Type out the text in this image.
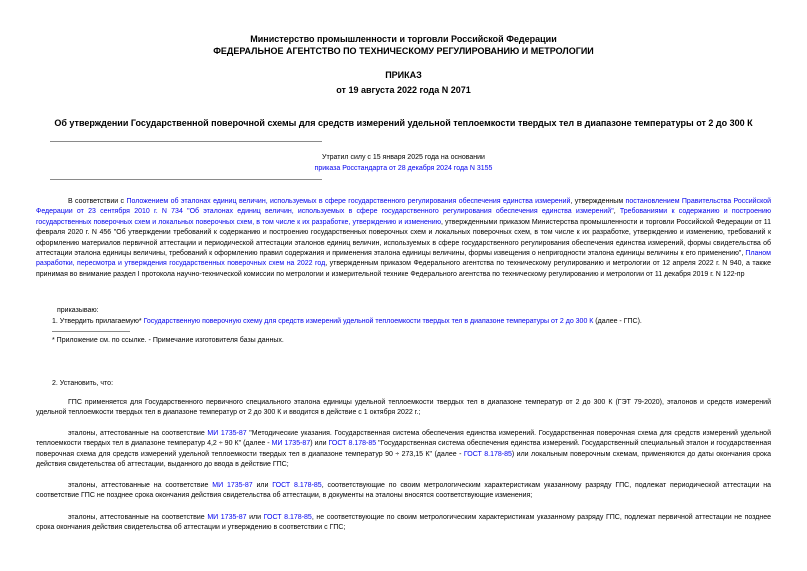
Министерство промышленности и торговли Российской Федерации
ФЕДЕРАЛЬНОЕ АГЕНТСТВО ПО ТЕХНИЧЕСКОМУ РЕГУЛИРОВАНИЮ И МЕТРОЛОГИИ
ПРИКАЗ
от 19 августа 2022 года N 2071
Об утверждении Государственной поверочной схемы для средств измерений удельной теплоемкости твердых тел в диапазоне температуры от 2 до 300 К
Утратил силу с 15 января 2025 года на основании
приказа Росстандарта от 28 декабря 2024 года N 3155
В соответствии с Положением об эталонах единиц величин, используемых в сфере государственного регулирования обеспечения единства измерений, утвержденным постановлением Правительства Российской Федерации от 23 сентября 2010 г. N 734 "Об эталонах единиц величин, используемых в сфере государственного регулирования обеспечения единства измерений", Требованиями к содержанию и построению государственных поверочных схем и локальных поверочных схем, в том числе к их разработке, утверждению и изменению, утвержденными приказом Министерства промышленности и торговли Российской Федерации от 11 февраля 2020 г. N 456 "Об утверждении требований к содержанию и построению государственных поверочных схем и локальных поверочных схем, в том числе к их разработке, утверждению и изменению, требований к оформлению материалов первичной аттестации и периодической аттестации эталонов единиц величин, используемых в сфере государственного регулирования обеспечения единства измерений, формы свидетельства об аттестации эталона единицы величины, требований к оформлению правил содержания и применения эталона единицы величины, формы извещения о непригодности эталона единицы величины к его применению", Планом разработки, пересмотра и утверждения государственных поверочных схем на 2022 год, утвержденным приказом Федерального агентства по техническому регулированию и метрологии от 12 апреля 2022 г. N 940, а также принимая во внимание раздел I протокола научно-технической комиссии по метрологии и измерительной технике Федерального агентства по техническому регулированию и метрологии от 11 декабря 2019 г. N 122-пр
приказываю:
1. Утвердить прилагаемую* Государственную поверочную схему для средств измерений удельной теплоемкости твердых тел в диапазоне температуры от 2 до 300 К (далее - ГПС).
* Приложение см. по ссылке. - Примечание изготовителя базы данных.
2. Установить, что:
ГПС применяется для Государственного первичного специального эталона единицы удельной теплоемкости твердых тел в диапазоне температур от 2 до 300 К (ГЭТ 79-2020), эталонов и средств измерений удельной теплоемкости твердых тел в диапазоне температур от 2 до 300 К и вводится в действие с 1 октября 2022 г.;
эталоны, аттестованные на соответствие МИ 1735-87 "Методические указания. Государственная система обеспечения единства измерений. Государственная поверочная схема для средств измерений удельной теплоемкости твердых тел в диапазоне температур 4,2 ÷ 90 К" (далее - МИ 1735-87) или ГОСТ 8.178-85 "Государственная система обеспечения единства измерений. Государственный специальный эталон и государственная поверочная схема для средств измерений удельной теплоемкости твердых тел в диапазоне температур 90 ÷ 273,15 К" (далее - ГОСТ 8.178-85) или локальным поверочным схемам, применяются до даты окончания срока действия свидетельства об аттестации, выданного до ввода в действие ГПС;
эталоны, аттестованные на соответствие МИ 1735-87 или ГОСТ 8.178-85, соответствующие по своим метрологическим характеристикам указанному разряду ГПС, подлежат периодической аттестации на соответствие ГПС не позднее срока окончания действия свидетельства об аттестации, в документы на эталоны вносятся соответствующие изменения;
эталоны, аттестованные на соответствие МИ 1735-87 или ГОСТ 8.178-85, не соответствующие по своим метрологическим характеристикам указанному разряду ГПС, подлежат первичной аттестации не позднее срока окончания действия свидетельства об аттестации и утверждению в соответствии с ГПС;
